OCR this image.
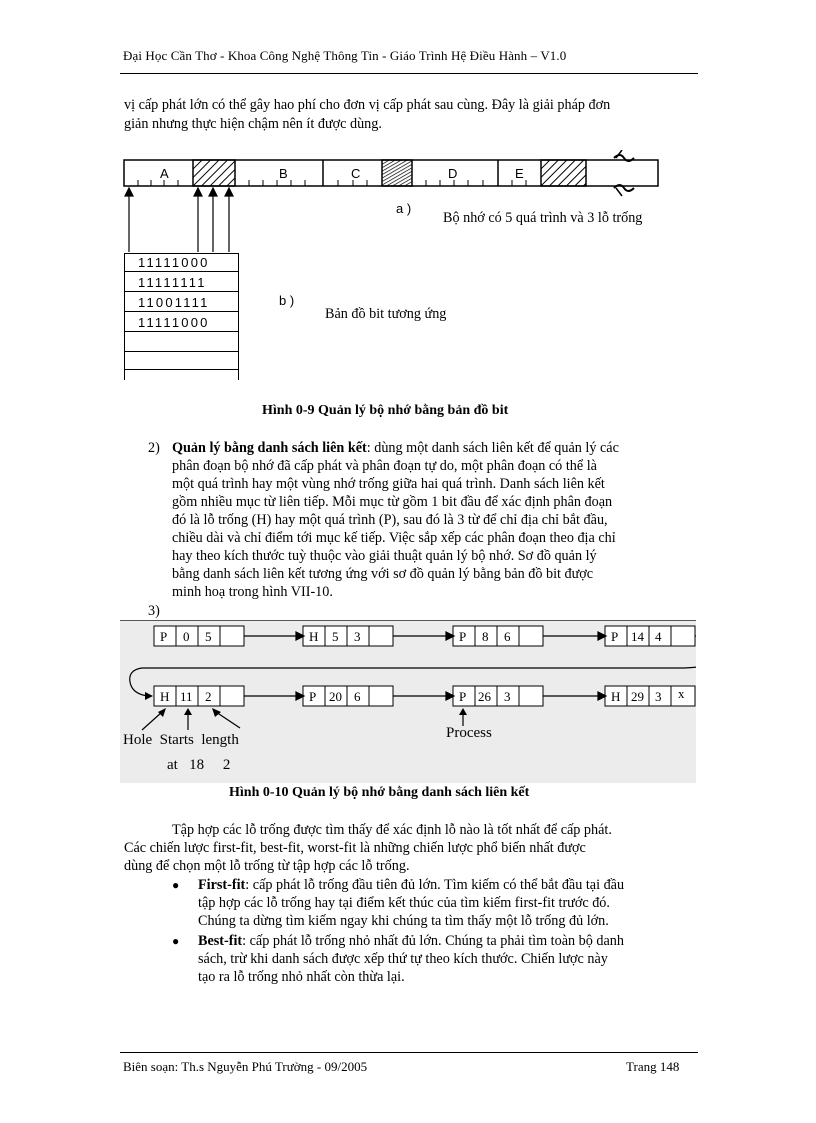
Đại Học Cần Thơ - Khoa Công Nghệ Thông Tin - Giáo Trình Hệ Điều Hành – V1.0
vị cấp phát lớn có thể gây hao phí cho đơn vị cấp phát sau cùng. Đây là giải pháp đơn
giản nhưng thực hiện chậm nên ít được dùng.
A	B	C	D	E
a )
Bộ nhớ có 5 quá trình và 3 lỗ trống
11111000
11111111
11001111
11111000
b )
Bản đồ bit tương ứng
Hình 0-9 Quản lý bộ nhớ bằng bản đồ bit
2) Quản lý bằng danh sách liên kết: dùng một danh sách liên kết để quản lý các
phân đoạn bộ nhớ đã cấp phát và phân đoạn tự do, một phân đoạn có thể là
một quá trình hay một vùng nhớ trống giữa hai quá trình. Danh sách liên kết
gồm nhiều mục từ liên tiếp. Mỗi mục từ gồm 1 bit đầu để xác định phân đoạn
đó là lỗ trống (H) hay một quá trình (P), sau đó là 3 từ để chỉ địa chỉ bắt đầu,
chiều dài và chỉ điểm tới mục kế tiếp. Việc sắp xếp các phân đoạn theo địa chỉ
hay theo kích thước tuỳ thuộc vào giải thuật quản lý bộ nhớ. Sơ đồ quản lý
bằng danh sách liên kết tương ứng với sơ đồ quản lý bằng bản đồ bit được
minh hoạ trong hình VII-10.
3)
P 0 5	H 5 3	P 8 6	P 14 4
H 11 2	P 20 6	P 26 3	H 29 3 x
Hole  Starts  length
at   18     2
Process
Hình 0-10 Quản lý bộ nhớ bằng danh sách liên kết
Tập hợp các lỗ trống được tìm thấy để xác định lỗ nào là tốt nhất để cấp phát.
Các chiến lược first-fit, best-fit, worst-fit là những chiến lược phổ biến nhất được
dùng để chọn một lỗ trống từ tập hợp các lỗ trống.
● First-fit: cấp phát lỗ trống đầu tiên đủ lớn. Tìm kiếm có thể bắt đầu tại đầu
tập hợp các lỗ trống hay tại điểm kết thúc của tìm kiếm first-fit trước đó.
Chúng ta dừng tìm kiếm ngay khi chúng ta tìm thấy một lỗ trống đủ lớn.
● Best-fit: cấp phát lỗ trống nhỏ nhất đủ lớn. Chúng ta phải tìm toàn bộ danh
sách, trừ khi danh sách được xếp thứ tự theo kích thước. Chiến lược này
tạo ra lỗ trống nhỏ nhất còn thừa lại.
Biên soạn: Th.s Nguyễn Phú Trường - 09/2005	Trang 148
